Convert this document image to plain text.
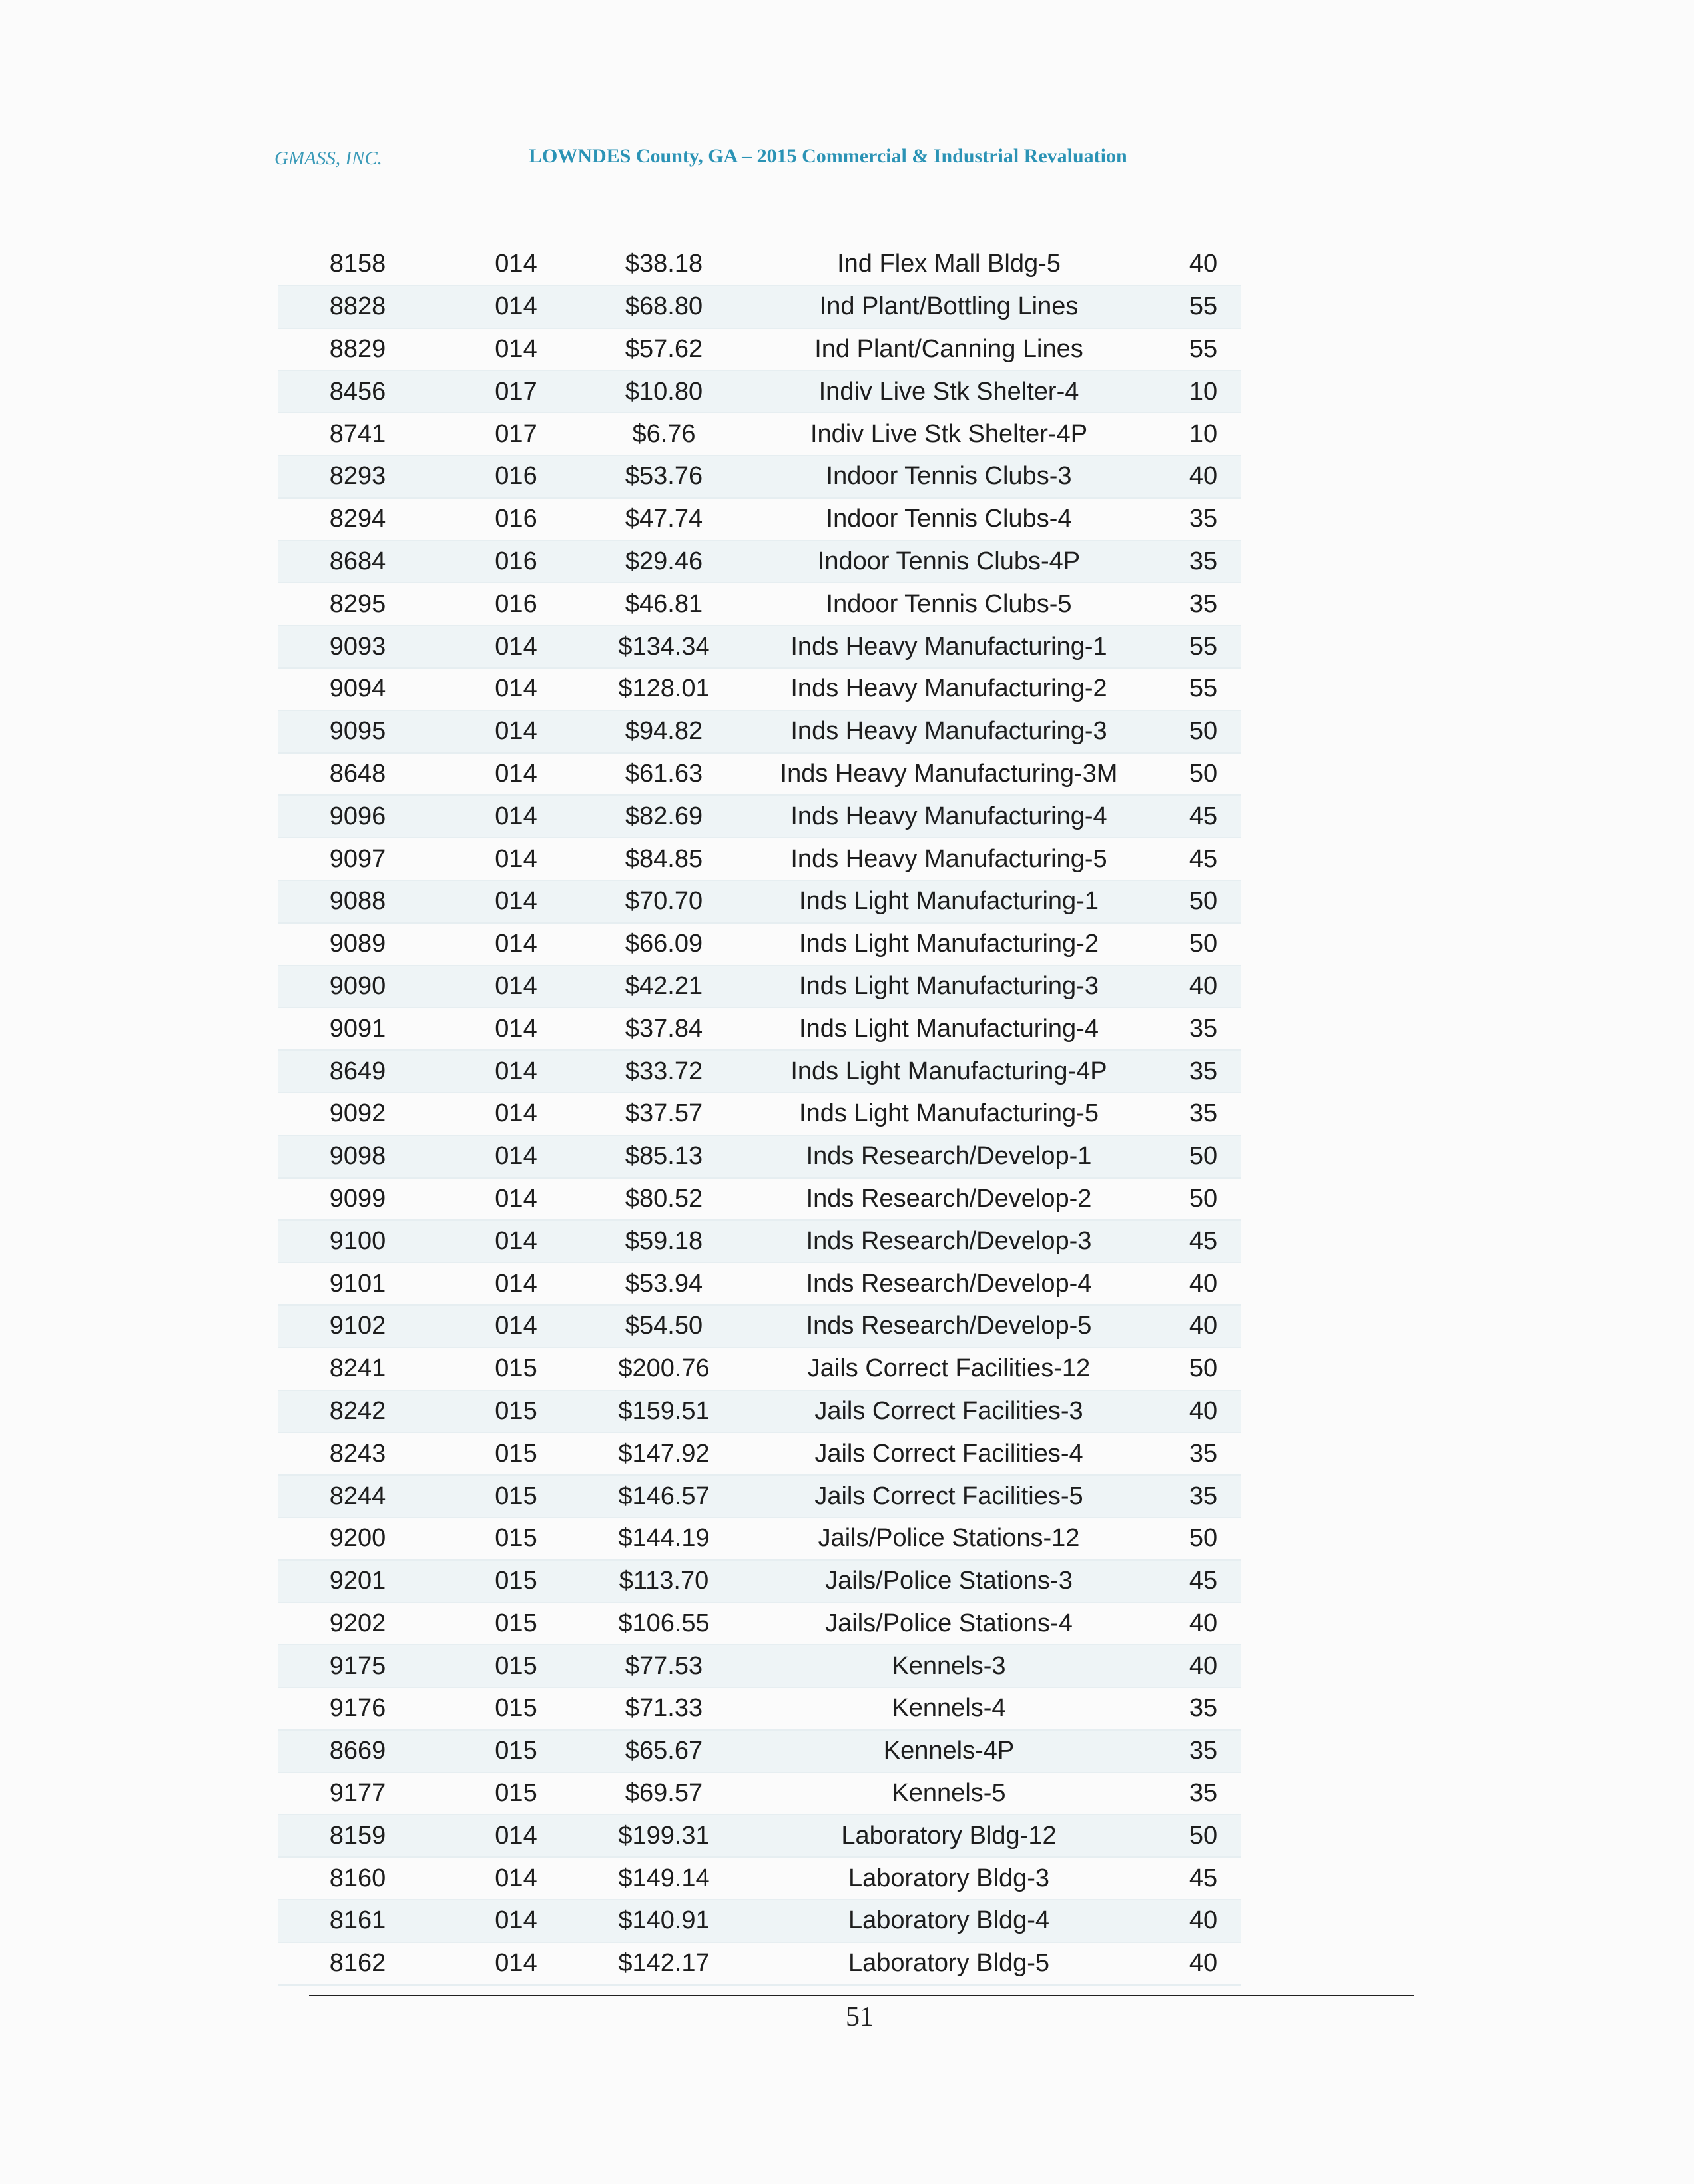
GMASS, INC.	LOWNDES County, GA – 2015 Commercial & Industrial Revaluation
8158	014	$38.18	Ind Flex Mall Bldg-5	40
8828	014	$68.80	Ind Plant/Bottling Lines	55
8829	014	$57.62	Ind Plant/Canning Lines	55
8456	017	$10.80	Indiv Live Stk Shelter-4	10
8741	017	$6.76	Indiv Live Stk Shelter-4P	10
8293	016	$53.76	Indoor Tennis Clubs-3	40
8294	016	$47.74	Indoor Tennis Clubs-4	35
8684	016	$29.46	Indoor Tennis Clubs-4P	35
8295	016	$46.81	Indoor Tennis Clubs-5	35
9093	014	$134.34	Inds Heavy Manufacturing-1	55
9094	014	$128.01	Inds Heavy Manufacturing-2	55
9095	014	$94.82	Inds Heavy Manufacturing-3	50
8648	014	$61.63	Inds Heavy Manufacturing-3M	50
9096	014	$82.69	Inds Heavy Manufacturing-4	45
9097	014	$84.85	Inds Heavy Manufacturing-5	45
9088	014	$70.70	Inds Light Manufacturing-1	50
9089	014	$66.09	Inds Light Manufacturing-2	50
9090	014	$42.21	Inds Light Manufacturing-3	40
9091	014	$37.84	Inds Light Manufacturing-4	35
8649	014	$33.72	Inds Light Manufacturing-4P	35
9092	014	$37.57	Inds Light Manufacturing-5	35
9098	014	$85.13	Inds Research/Develop-1	50
9099	014	$80.52	Inds Research/Develop-2	50
9100	014	$59.18	Inds Research/Develop-3	45
9101	014	$53.94	Inds Research/Develop-4	40
9102	014	$54.50	Inds Research/Develop-5	40
8241	015	$200.76	Jails Correct Facilities-12	50
8242	015	$159.51	Jails Correct Facilities-3	40
8243	015	$147.92	Jails Correct Facilities-4	35
8244	015	$146.57	Jails Correct Facilities-5	35
9200	015	$144.19	Jails/Police Stations-12	50
9201	015	$113.70	Jails/Police Stations-3	45
9202	015	$106.55	Jails/Police Stations-4	40
9175	015	$77.53	Kennels-3	40
9176	015	$71.33	Kennels-4	35
8669	015	$65.67	Kennels-4P	35
9177	015	$69.57	Kennels-5	35
8159	014	$199.31	Laboratory Bldg-12	50
8160	014	$149.14	Laboratory Bldg-3	45
8161	014	$140.91	Laboratory Bldg-4	40
8162	014	$142.17	Laboratory Bldg-5	40
51
